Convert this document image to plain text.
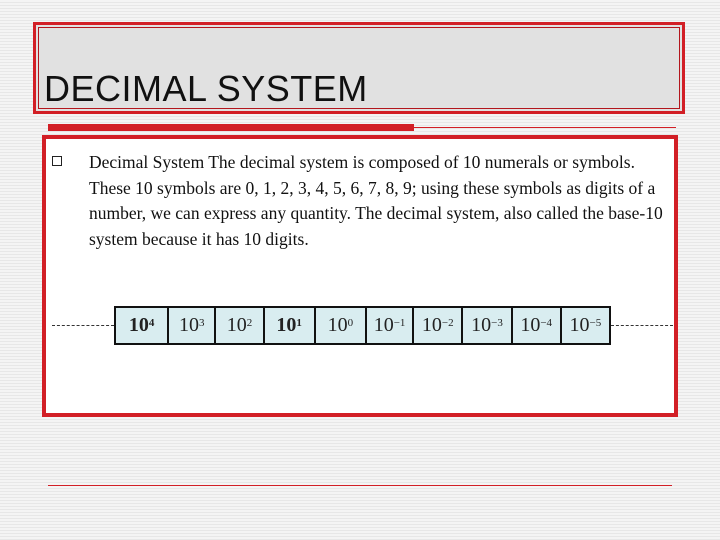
DECIMAL SYSTEM
Decimal System The decimal system is composed of 10 numerals or symbols. These 10 symbols are 0, 1, 2, 3, 4, 5, 6, 7, 8, 9; using these symbols as digits of a number, we can express any quantity. The decimal system, also called the base-10 system because it has 10 digits.
$10^4$ $10^3$ $10^2$ $10^1$ $10^0$ $10^{-1}$ $10^{-2}$ $10^{-3}$ $10^{-4}$ $10^{-5}$
